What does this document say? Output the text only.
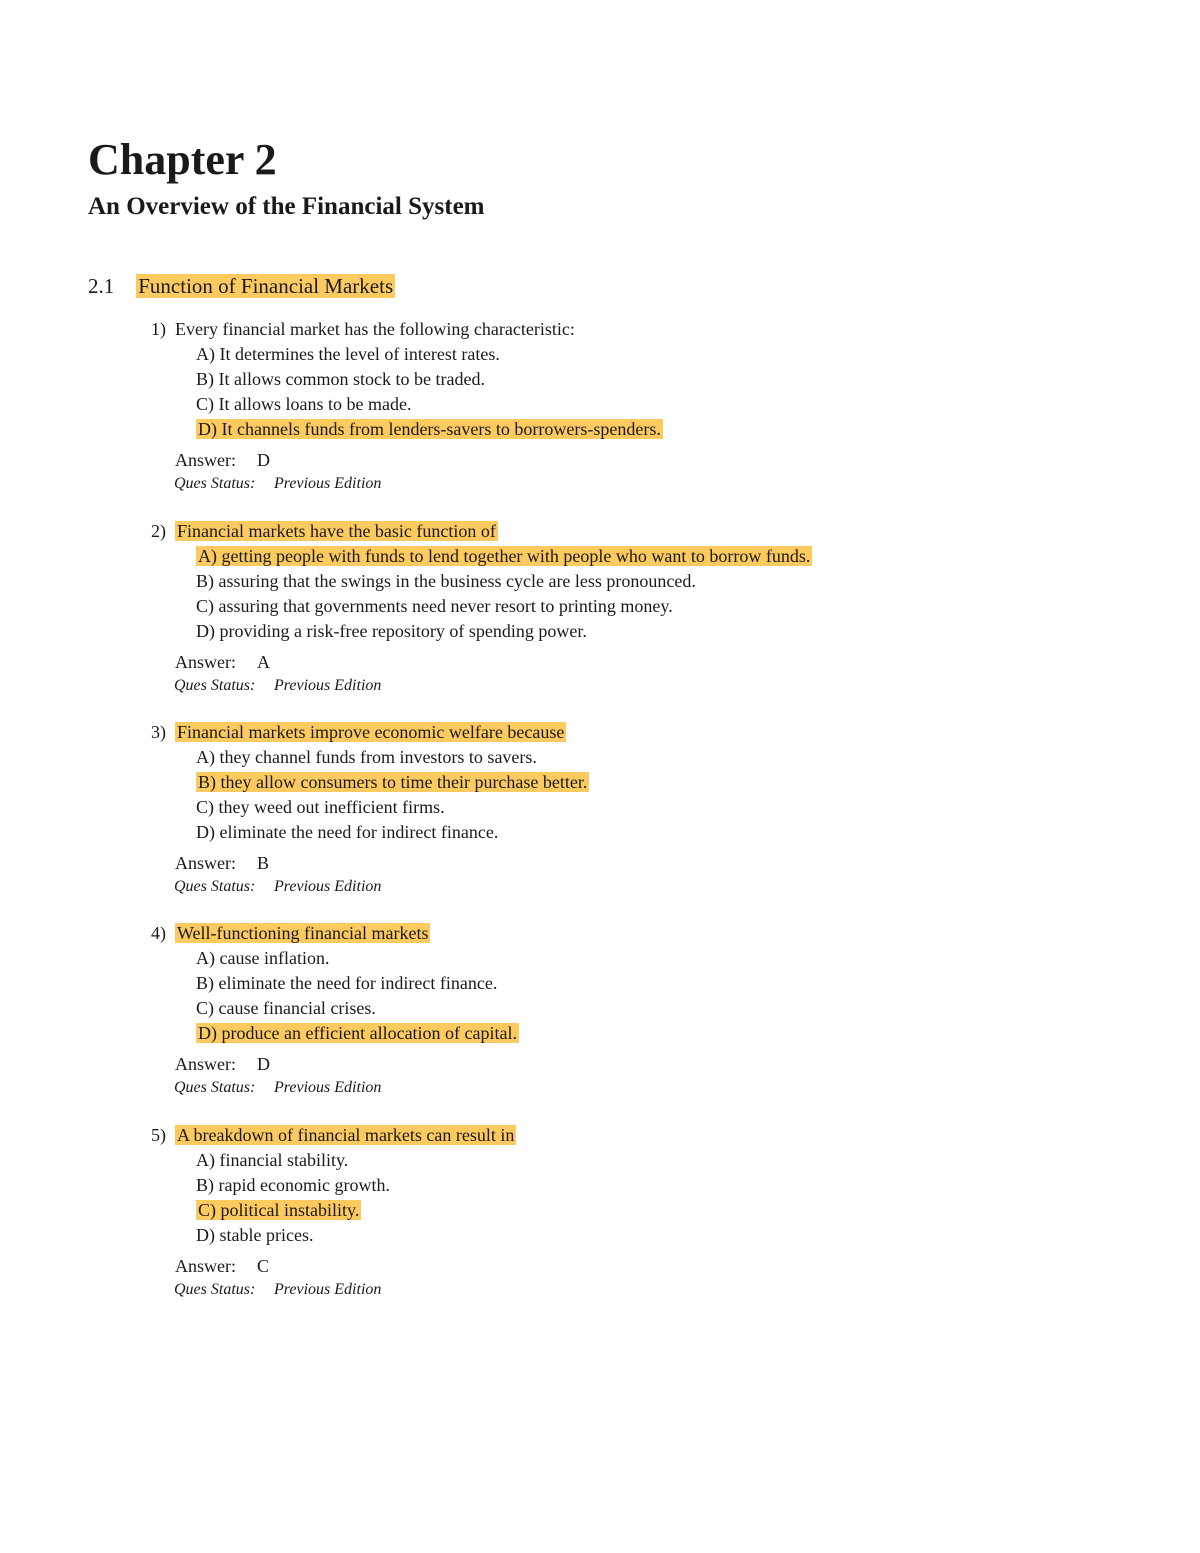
Chapter 2
An Overview of the Financial System
2.1 Function of Financial Markets
1) Every financial market has the following characteristic:
A) It determines the level of interest rates.
B) It allows common stock to be traded.
C) It allows loans to be made.
D) It channels funds from lenders-savers to borrowers-spenders.
Answer: D
Ques Status: Previous Edition
2) Financial markets have the basic function of
A) getting people with funds to lend together with people who want to borrow funds.
B) assuring that the swings in the business cycle are less pronounced.
C) assuring that governments need never resort to printing money.
D) providing a risk-free repository of spending power.
Answer: A
Ques Status: Previous Edition
3) Financial markets improve economic welfare because
A) they channel funds from investors to savers.
B) they allow consumers to time their purchase better.
C) they weed out inefficient firms.
D) eliminate the need for indirect finance.
Answer: B
Ques Status: Previous Edition
4) Well-functioning financial markets
A) cause inflation.
B) eliminate the need for indirect finance.
C) cause financial crises.
D) produce an efficient allocation of capital.
Answer: D
Ques Status: Previous Edition
5) A breakdown of financial markets can result in
A) financial stability.
B) rapid economic growth.
C) political instability.
D) stable prices.
Answer: C
Ques Status: Previous Edition
